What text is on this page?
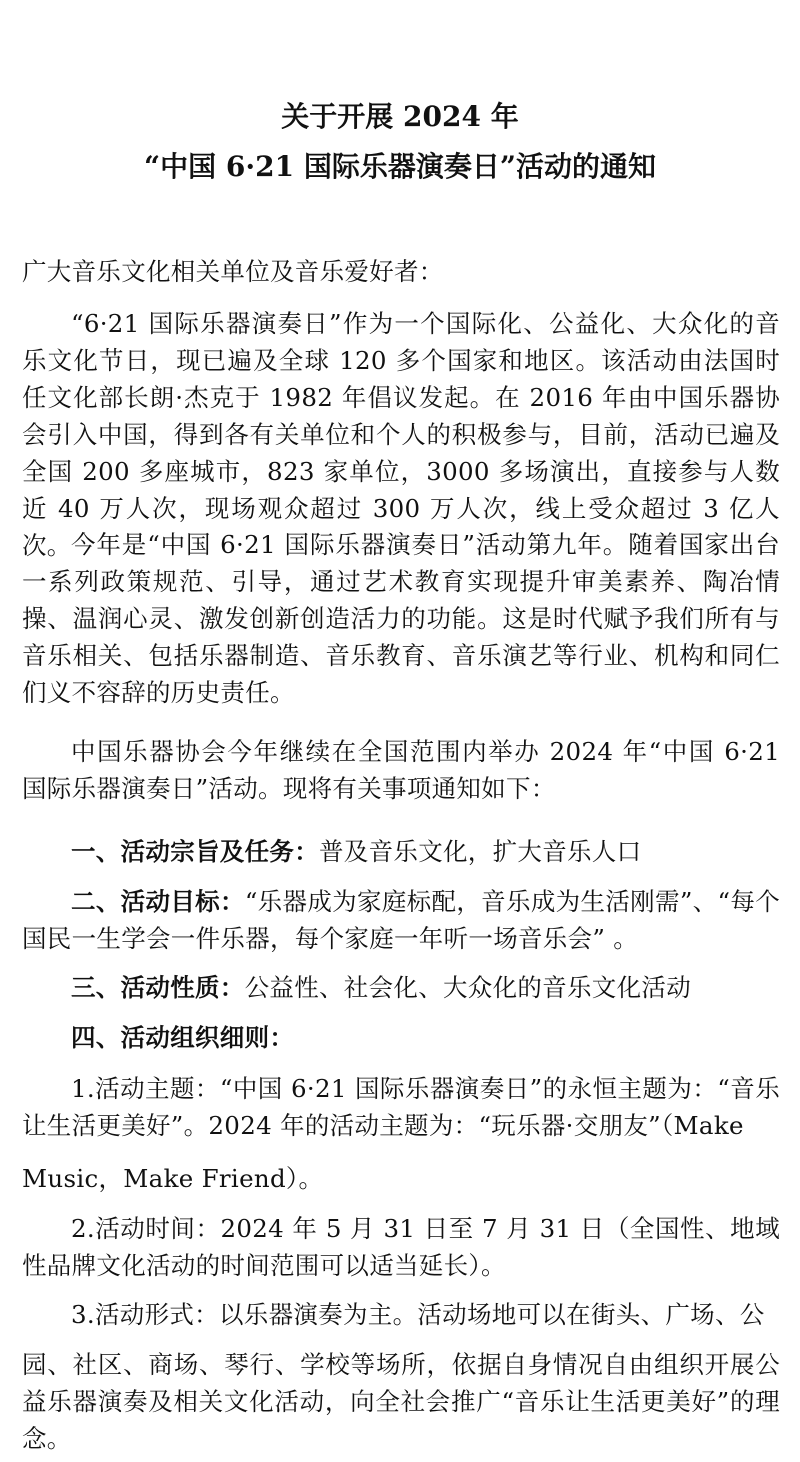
关于开展 2024 年
“中国 6·21 国际乐器演奏日”活动的通知

广大音乐文化相关单位及音乐爱好者：

“6·21 国际乐器演奏日”作为一个国际化、公益化、大众化的音乐文化节日，现已遍及全球 120 多个国家和地区。该活动由法国时任文化部长朗·杰克于 1982 年倡议发起。在 2016 年由中国乐器协会引入中国，得到各有关单位和个人的积极参与，目前，活动已遍及全国 200 多座城市，823 家单位，3000 多场演出，直接参与人数近 40 万人次，现场观众超过 300 万人次，线上受众超过 3 亿人次。 今年是“中国 6·21 国际乐器演奏日”活动第九年。随着国家出台一系列政策规范、引导，通过艺术教育实现提升审美素养、陶冶情操、温润心灵、激发创新创造活力的功能。这是时代赋予我们所有与音乐相关、包括乐器制造、音乐教育、音乐演艺等行业、机构和同仁们义不容辞的历史责任。

中国乐器协会今年继续在全国范围内举办 2024 年“中国 6·21 国际乐器演奏日”活动。现将有关事项通知如下：

一、活动宗旨及任务：普及音乐文化，扩大音乐人口

二、活动目标：“乐器成为家庭标配，音乐成为生活刚需”、“每个国民一生学会一件乐器，每个家庭一年听一场音乐会” 。

三、活动性质：公益性、社会化、大众化的音乐文化活动

四、活动组织细则：

1.活动主题：“中国 6·21 国际乐器演奏日”的永恒主题为：“音乐让生活更美好”。2024 年的活动主题为：“玩乐器·交朋友”（Make

Music，Make Friend）。

2.活动时间：2024 年 5 月 31 日至 7 月 31 日（全国性、地域性品牌文化活动的时间范围可以适当延长）。

3.活动形式：以乐器演奏为主。活动场地可以在街头、广场、公

园、社区、商场、琴行、学校等场所，依据自身情况自由组织开展公益乐器演奏及相关文化活动，向全社会推广“音乐让生活更美好”的理念。
